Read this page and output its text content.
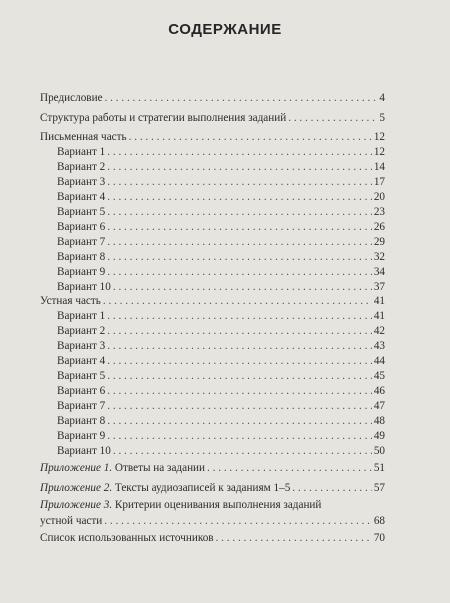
СОДЕРЖАНИЕ
Предисловие . . .	4
Структура работы и стратегии выполнения заданий . . .	5
Письменная часть . . .	12
Вариант 1 . . .	12
Вариант 2 . . .	14
Вариант 3 . . .	17
Вариант 4 . . .	20
Вариант 5 . . .	23
Вариант 6 . . .	26
Вариант 7 . . .	29
Вариант 8 . . .	32
Вариант 9 . . .	34
Вариант 10 . . .	37
Устная часть . . .	41
Вариант 1 . . .	41
Вариант 2 . . .	42
Вариант 3 . . .	43
Вариант 4 . . .	44
Вариант 5 . . .	45
Вариант 6 . . .	46
Вариант 7 . . .	47
Вариант 8 . . .	48
Вариант 9 . . .	49
Вариант 10 . . .	50
Приложение 1. Ответы на задании . . .	51
Приложение 2. Тексты аудиозаписей к заданиям 1–5 . . .	57
Приложение 3. Критерии оценивания выполнения заданий
устной части . . .	68
Список использованных источников . . .	70
